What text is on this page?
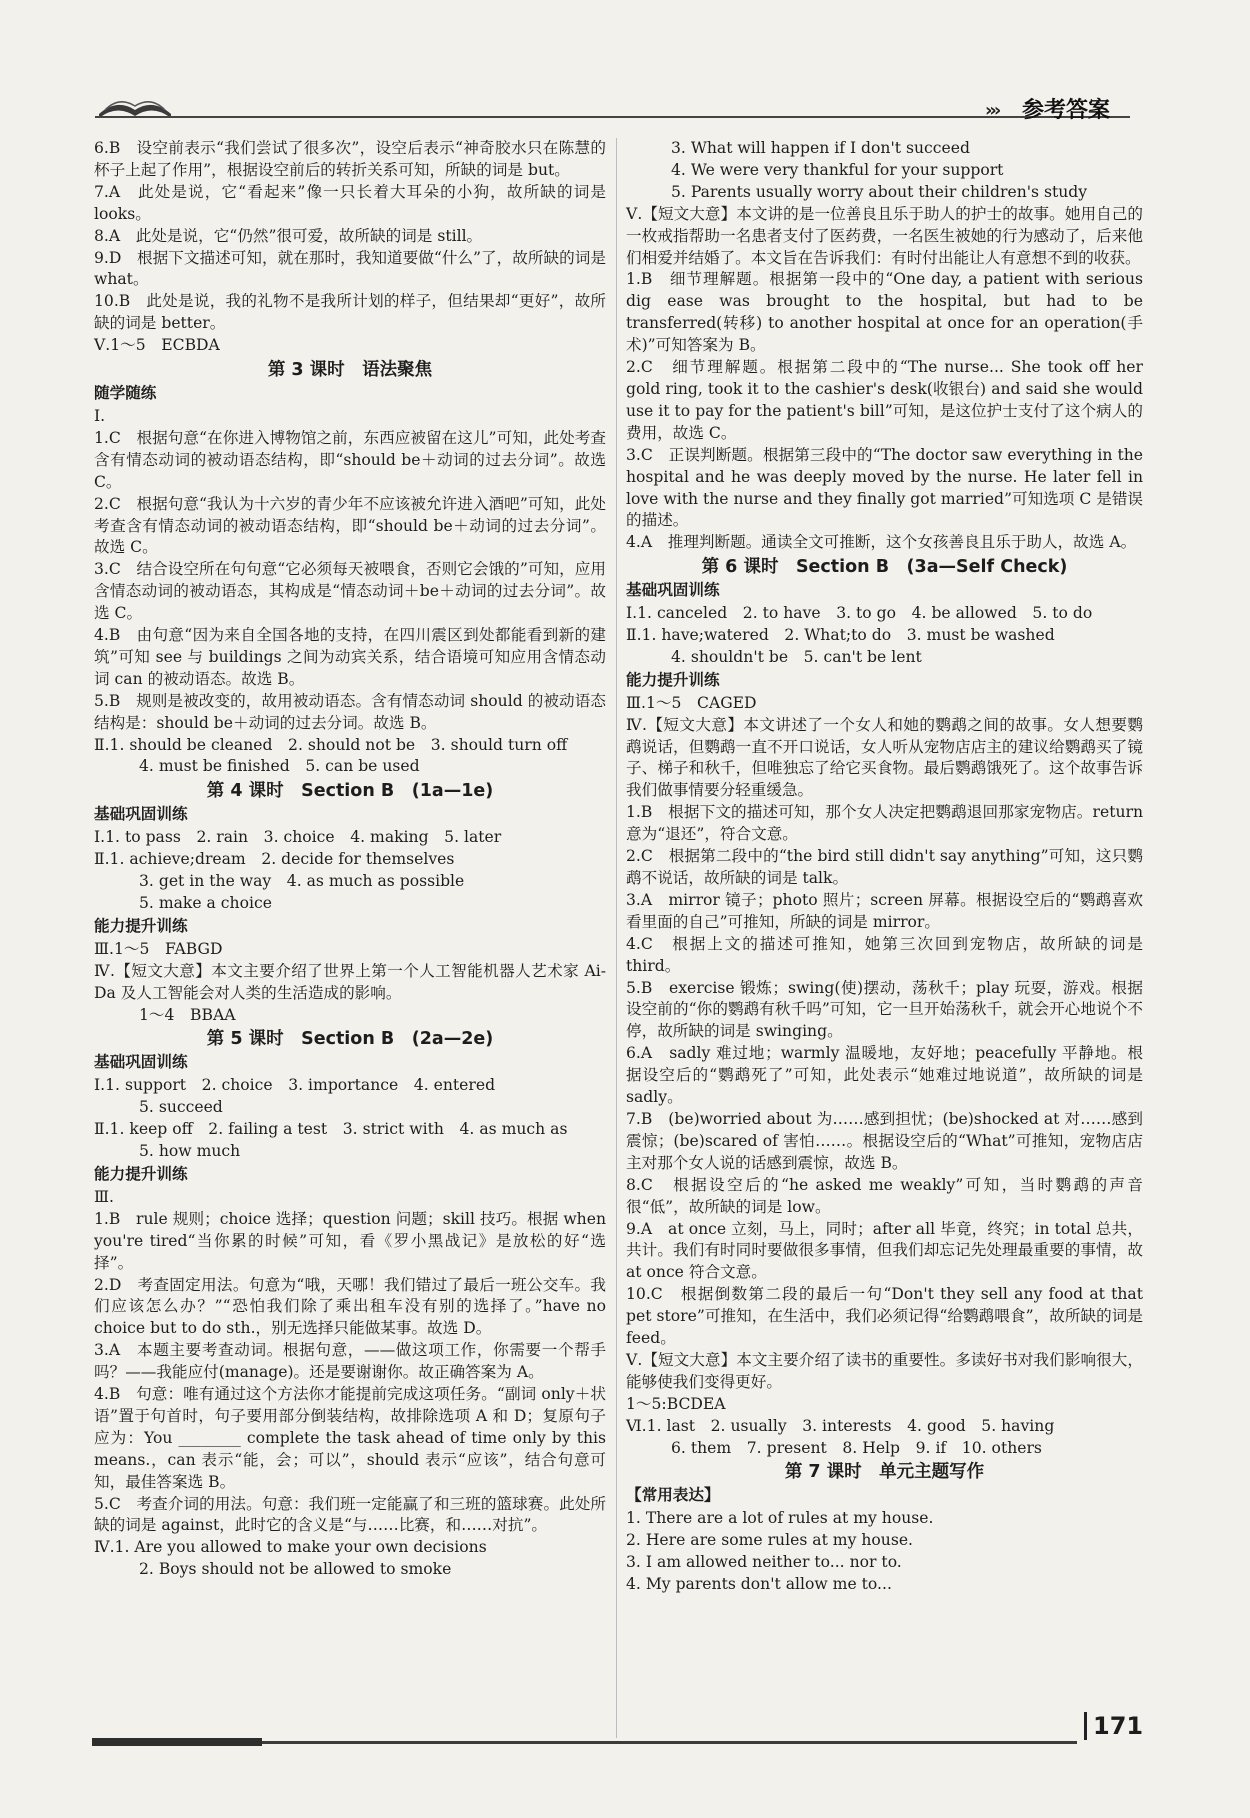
››› 参考答案
6.B　设空前表示“我们尝试了很多次”，设空后表示“神奇胶水只在陈慧的杯子上起了作用”，根据设空前后的转折关系可知，所缺的词是 but。
7.A　此处是说，它“看起来”像一只长着大耳朵的小狗，故所缺的词是 looks。
8.A　此处是说，它“仍然”很可爱，故所缺的词是 still。
9.D　根据下文描述可知，就在那时，我知道要做“什么”了，故所缺的词是 what。
10.B　此处是说，我的礼物不是我所计划的样子，但结果却“更好”，故所缺的词是 better。
Ⅴ.1～5　ECBDA
第 3 课时　语法聚焦
随学随练
Ⅰ.
1.C　根据句意“在你进入博物馆之前，东西应被留在这儿”可知，此处考查含有情态动词的被动语态结构，即“should be＋动词的过去分词”。故选 C。
2.C　根据句意“我认为十六岁的青少年不应该被允许进入酒吧”可知，此处考查含有情态动词的被动语态结构，即“should be＋动词的过去分词”。故选 C。
3.C　结合设空所在句句意“它必须每天被喂食，否则它会饿的”可知，应用含情态动词的被动语态，其构成是“情态动词＋be＋动词的过去分词”。故选 C。
4.B　由句意“因为来自全国各地的支持，在四川震区到处都能看到新的建筑”可知 see 与 buildings 之间为动宾关系，结合语境可知应用含情态动词 can 的被动语态。故选 B。
5.B　规则是被改变的，故用被动语态。含有情态动词 should 的被动语态结构是：should be＋动词的过去分词。故选 B。
Ⅱ.1. should be cleaned　2. should not be　3. should turn off
4. must be finished　5. can be used
第 4 课时　Section B　(1a—1e)
基础巩固训练
Ⅰ.1. to pass　2. rain　3. choice　4. making　5. later
Ⅱ.1. achieve;dream　2. decide for themselves
3. get in the way　4. as much as possible
5. make a choice
能力提升训练
Ⅲ.1～5　FABGD
Ⅳ.【短文大意】本文主要介绍了世界上第一个人工智能机器人艺术家 Ai-Da 及人工智能会对人类的生活造成的影响。
1～4　BBAA
第 5 课时　Section B　(2a—2e)
基础巩固训练
Ⅰ.1. support　2. choice　3. importance　4. entered
5. succeed
Ⅱ.1. keep off　2. failing a test　3. strict with　4. as much as
5. how much
能力提升训练
Ⅲ.
1.B　rule 规则；choice 选择；question 问题；skill 技巧。根据 when you're tired“当你累的时候”可知，看《罗小黑战记》是放松的好“选择”。
2.D　考查固定用法。句意为“哦，天哪！我们错过了最后一班公交车。我们应该怎么办？”“恐怕我们除了乘出租车没有别的选择了。”have no choice but to do sth.，别无选择只能做某事。故选 D。
3.A　本题主要考查动词。根据句意，——做这项工作，你需要一个帮手吗？——我能应付(manage)。还是要谢谢你。故正确答案为 A。
4.B　句意：唯有通过这个方法你才能提前完成这项任务。“副词 only＋状语”置于句首时，句子要用部分倒装结构，故排除选项 A 和 D；复原句子应为：You ________ complete the task ahead of time only by this means.，can 表示“能，会；可以”，should 表示“应该”，结合句意可知，最佳答案选 B。
5.C　考查介词的用法。句意：我们班一定能赢了和三班的篮球赛。此处所缺的词是 against，此时它的含义是“与……比赛，和……对抗”。
Ⅳ.1. Are you allowed to make your own decisions
2. Boys should not be allowed to smoke
3. What will happen if I don't succeed
4. We were very thankful for your support
5. Parents usually worry about their children's study
Ⅴ.【短文大意】本文讲的是一位善良且乐于助人的护士的故事。她用自己的一枚戒指帮助一名患者支付了医药费，一名医生被她的行为感动了，后来他们相爱并结婚了。本文旨在告诉我们：有时付出能让人有意想不到的收获。
1.B　细节理解题。根据第一段中的“One day, a patient with serious dig ease was brought to the hospital, but had to be transferred(转移) to another hospital at once for an operation(手术)”可知答案为 B。
2.C　细节理解题。根据第二段中的“The nurse... She took off her gold ring, took it to the cashier's desk(收银台) and said she would use it to pay for the patient's bill”可知，是这位护士支付了这个病人的费用，故选 C。
3.C　正误判断题。根据第三段中的“The doctor saw everything in the hospital and he was deeply moved by the nurse. He later fell in love with the nurse and they finally got married”可知选项 C 是错误的描述。
4.A　推理判断题。通读全文可推断，这个女孩善良且乐于助人，故选 A。
第 6 课时　Section B　(3a—Self Check)
基础巩固训练
Ⅰ.1. canceled　2. to have　3. to go　4. be allowed　5. to do
Ⅱ.1. have;watered　2. What;to do　3. must be washed
4. shouldn't be　5. can't be lent
能力提升训练
Ⅲ.1～5　CAGED
Ⅳ.【短文大意】本文讲述了一个女人和她的鹦鹉之间的故事。女人想要鹦鹉说话，但鹦鹉一直不开口说话，女人听从宠物店店主的建议给鹦鹉买了镜子、梯子和秋千，但唯独忘了给它买食物。最后鹦鹉饿死了。这个故事告诉我们做事情要分轻重缓急。
1.B　根据下文的描述可知，那个女人决定把鹦鹉退回那家宠物店。return 意为“退还”，符合文意。
2.C　根据第二段中的“the bird still didn't say anything”可知，这只鹦鹉不说话，故所缺的词是 talk。
3.A　mirror 镜子；photo 照片；screen 屏幕。根据设空后的“鹦鹉喜欢看里面的自己”可推知，所缺的词是 mirror。
4.C　根据上文的描述可推知，她第三次回到宠物店，故所缺的词是 third。
5.B　exercise 锻炼；swing(使)摆动，荡秋千；play 玩耍，游戏。根据设空前的“你的鹦鹉有秋千吗”可知，它一旦开始荡秋千，就会开心地说个不停，故所缺的词是 swinging。
6.A　sadly 难过地；warmly 温暖地，友好地；peacefully 平静地。根据设空后的“鹦鹉死了”可知，此处表示“她难过地说道”，故所缺的词是 sadly。
7.B　(be)worried about 为……感到担忧；(be)shocked at 对……感到震惊；(be)scared of 害怕……。根据设空后的“What”可推知，宠物店店主对那个女人说的话感到震惊，故选 B。
8.C　根据设空后的“he asked me weakly”可知，当时鹦鹉的声音很“低”，故所缺的词是 low。
9.A　at once 立刻，马上，同时；after all 毕竟，终究；in total 总共，共计。我们有时同时要做很多事情，但我们却忘记先处理最重要的事情，故 at once 符合文意。
10.C　根据倒数第二段的最后一句“Don't they sell any food at that pet store”可推知，在生活中，我们必须记得“给鹦鹉喂食”，故所缺的词是 feed。
Ⅴ.【短文大意】本文主要介绍了读书的重要性。多读好书对我们影响很大，能够使我们变得更好。
1～5:BCDEA
Ⅵ.1. last　2. usually　3. interests　4. good　5. having
6. them　7. present　8. Help　9. if　10. others
第 7 课时　单元主题写作
【常用表达】
1. There are a lot of rules at my house.
2. Here are some rules at my house.
3. I am allowed neither to... nor to.
4. My parents don't allow me to...
171
